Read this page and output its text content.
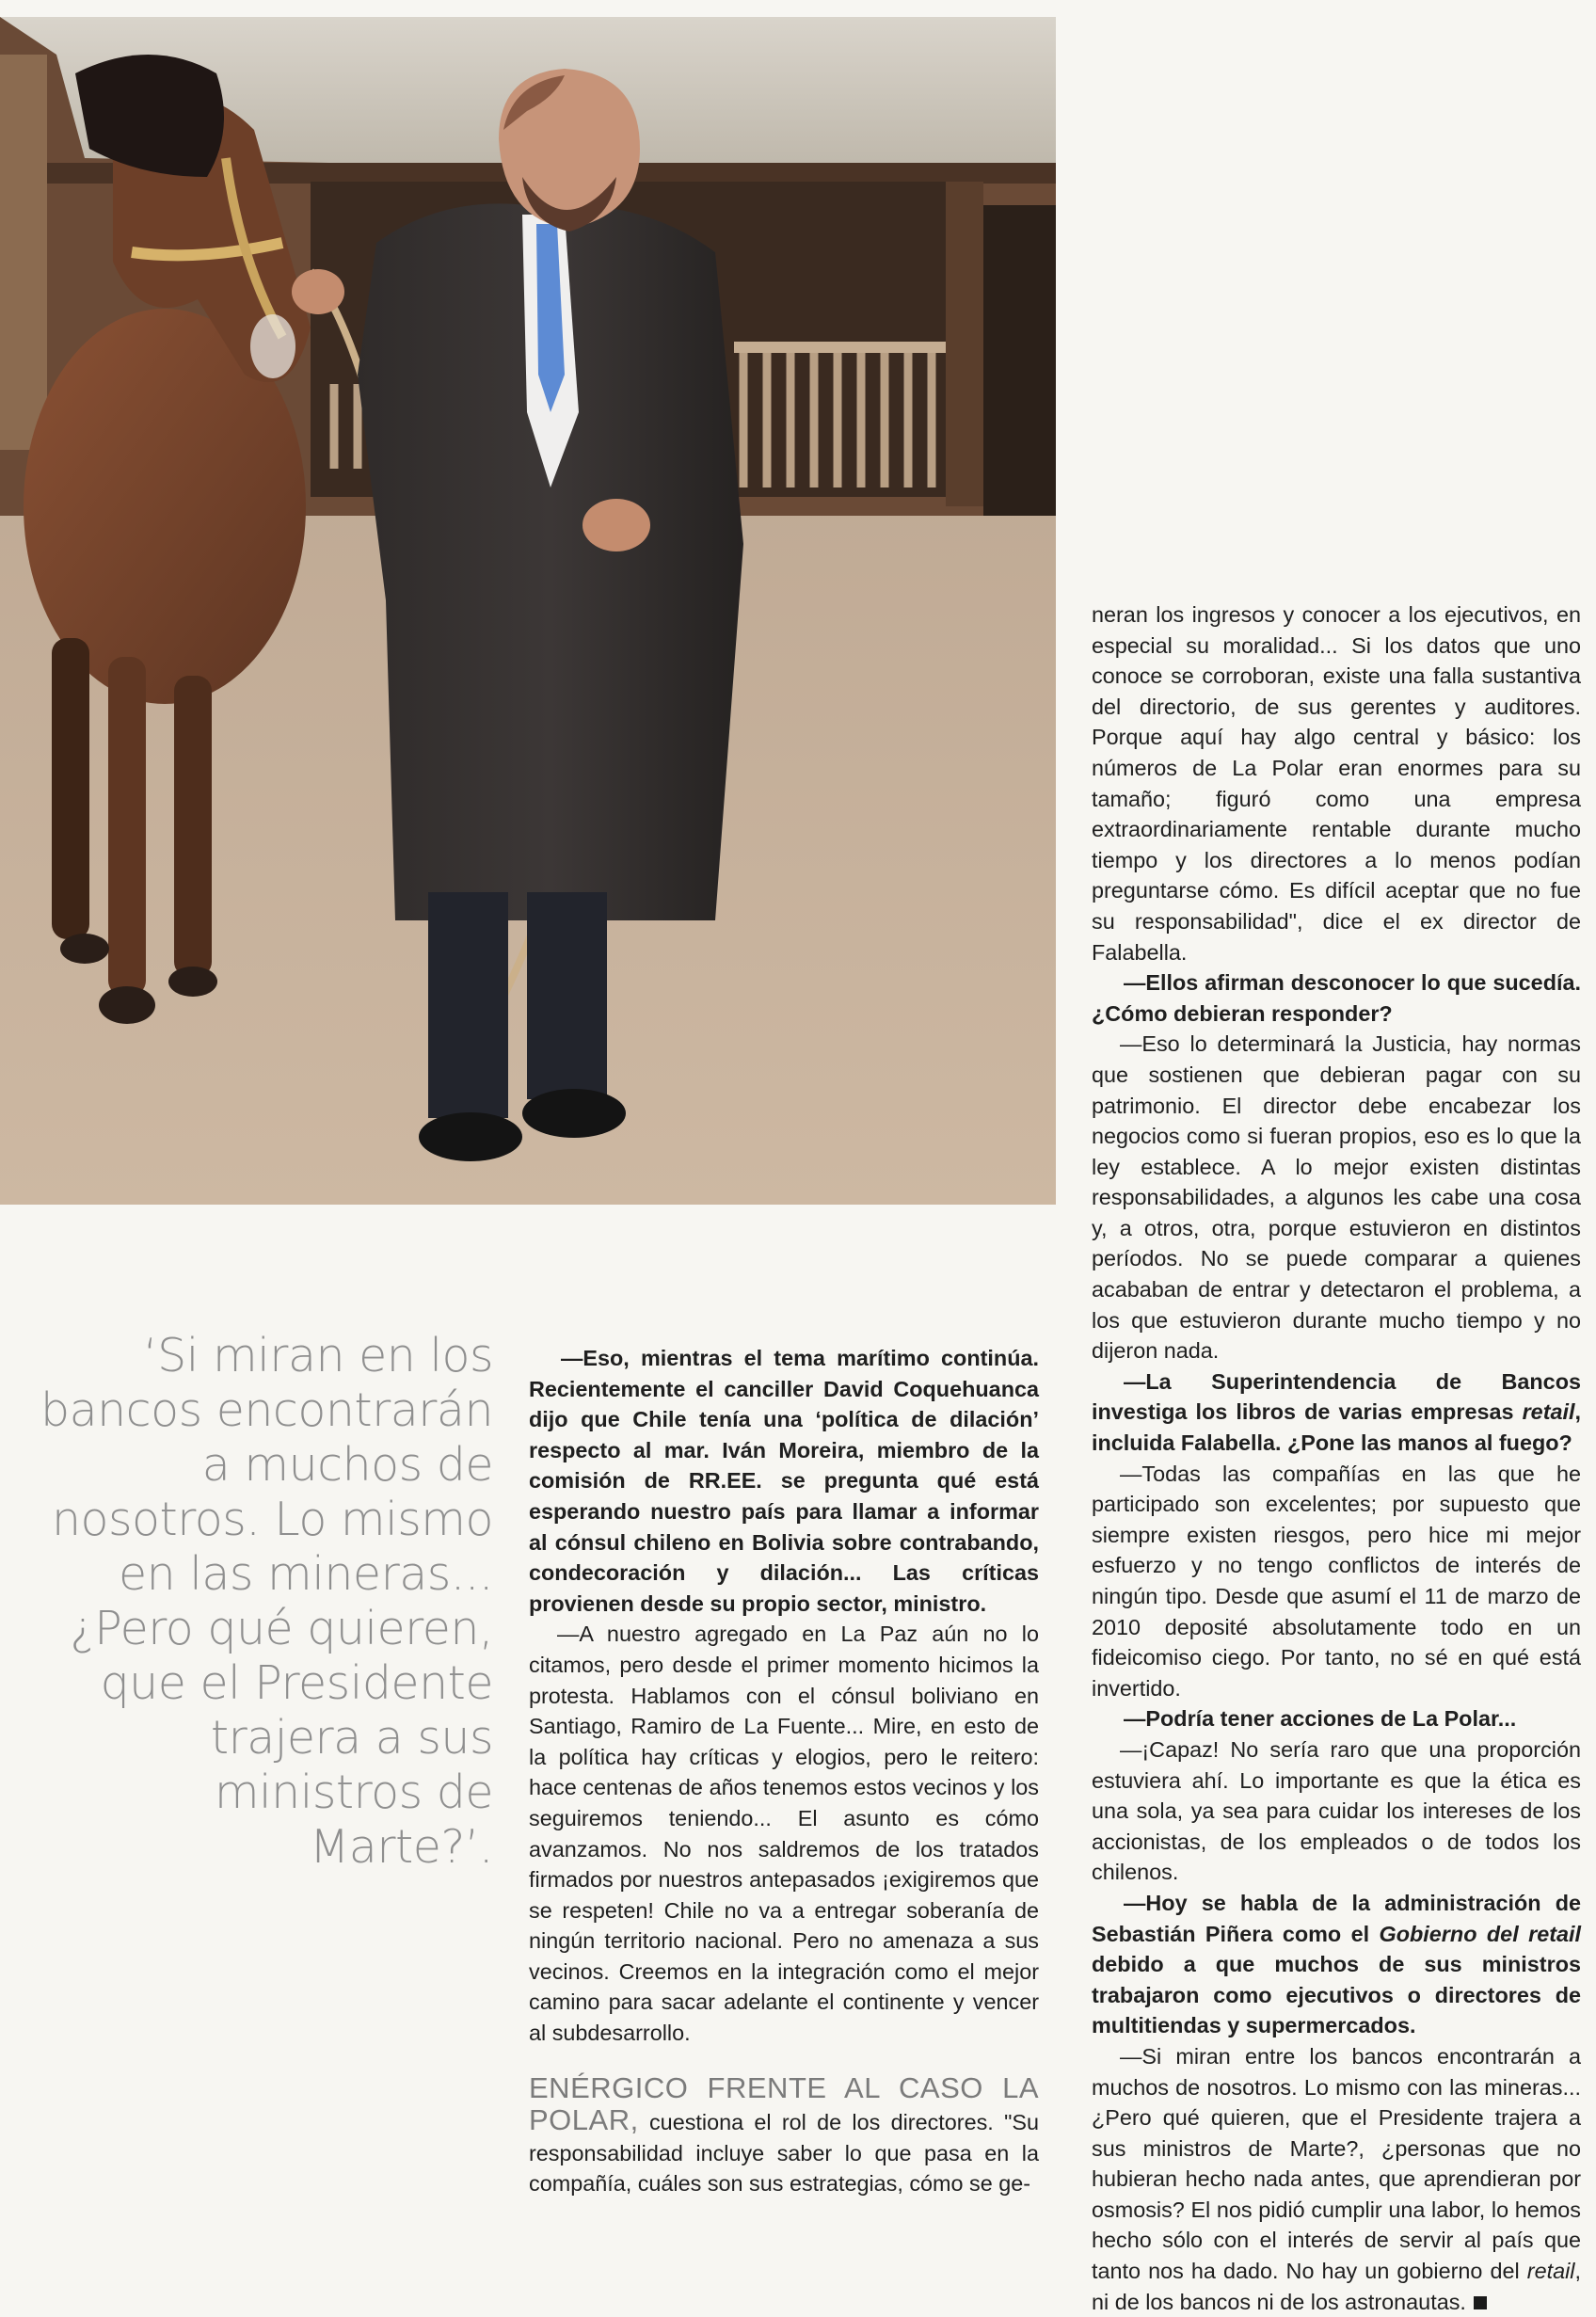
‘Si miran en los bancos encontrarán a muchos de nosotros. Lo mismo en las mineras... ¿Pero qué quieren, que el Presidente trajera a sus ministros de Marte?’.

—Eso, mientras el tema marítimo continúa. Recientemente el canciller David Coquehuanca dijo que Chile tenía una ‘política de dilación’ respecto al mar. Iván Moreira, miembro de la comisión de RR.EE. se pregunta qué está esperando nuestro país para llamar a informar al cónsul chileno en Bolivia sobre contrabando, condecoración y dilación... Las críticas provienen desde su propio sector, ministro.

—A nuestro agregado en La Paz aún no lo citamos, pero desde el primer momento hicimos la protesta. Hablamos con el cónsul boliviano en Santiago, Ramiro de La Fuente... Mire, en esto de la política hay críticas y elogios, pero le reitero: hace centenas de años tenemos estos vecinos y los seguiremos teniendo... El asunto es cómo avanzamos. No nos saldremos de los tratados firmados por nuestros antepasados ¡exigiremos que se respeten! Chile no va a entregar soberanía de ningún territorio nacional. Pero no amenaza a sus vecinos. Creemos en la integración como el mejor camino para sacar adelante el continente y vencer al subdesarrollo.

ENÉRGICO FRENTE AL CASO LA POLAR, cuestiona el rol de los directores. "Su responsabilidad incluye saber lo que pasa en la compañía, cuáles son sus estrategias, cómo se ge-

neran los ingresos y conocer a los ejecutivos, en especial su moralidad... Si los datos que uno conoce se corroboran, existe una falla sustantiva del directorio, de sus gerentes y auditores. Porque aquí hay algo central y básico: los números de La Polar eran enormes para su tamaño; figuró como una empresa extraordinariamente rentable durante mucho tiempo y los directores a lo menos podían preguntarse cómo. Es difícil aceptar que no fue su responsabilidad", dice el ex director de Falabella.

—Ellos afirman desconocer lo que sucedía. ¿Cómo debieran responder?

—Eso lo determinará la Justicia, hay normas que sostienen que debieran pagar con su patrimonio. El director debe encabezar los negocios como si fueran propios, eso es lo que la ley establece. A lo mejor existen distintas responsabilidades, a algunos les cabe una cosa y, a otros, otra, porque estuvieron en distintos períodos. No se puede comparar a quienes acababan de entrar y detectaron el problema, a los que estuvieron durante mucho tiempo y no dijeron nada.

—La Superintendencia de Bancos investiga los libros de varias empresas retail, incluida Falabella. ¿Pone las manos al fuego?

—Todas las compañías en las que he participado son excelentes; por supuesto que siempre existen riesgos, pero hice mi mejor esfuerzo y no tengo conflictos de interés de ningún tipo. Desde que asumí el 11 de marzo de 2010 deposité absolutamente todo en un fideicomiso ciego. Por tanto, no sé en qué está invertido.

—Podría tener acciones de La Polar...

—¡Capaz! No sería raro que una proporción estuviera ahí. Lo importante es que la ética es una sola, ya sea para cuidar los intereses de los accionistas, de los empleados o de todos los chilenos.

—Hoy se habla de la administración de Sebastián Piñera como el Gobierno del retail debido a que muchos de sus ministros trabajaron como ejecutivos o directores de multitiendas y supermercados.

—Si miran entre los bancos encontrarán a muchos de nosotros. Lo mismo con las mineras... ¿Pero qué quieren, que el Presidente trajera a sus ministros de Marte?, ¿personas que no hubieran hecho nada antes, que aprendieran por osmosis? El nos pidió cumplir una labor, lo hemos hecho sólo con el interés de servir al país que tanto nos ha dado. No hay un gobierno del retail, ni de los bancos ni de los astronautas.
